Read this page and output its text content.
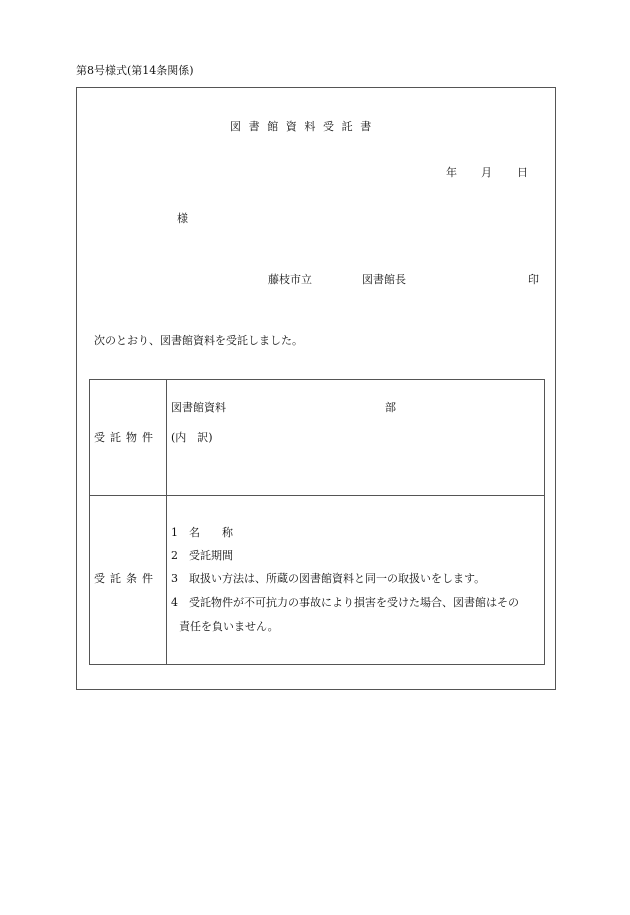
第8号様式(第14条関係)
図書館資料受託書
年 月 日
様
藤枝市立	図書館長	印
次のとおり、図書館資料を受託しました。
受託物件
図書館資料	部
(内　訳)
受託条件
1　 名　　称
2　 受託期間
3　 取扱い方法は、所蔵の図書館資料と同一の取扱いをします。
4　 受託物件が不可抗力の事故により損害を受けた場合、図書館はその
責任を負いません。
